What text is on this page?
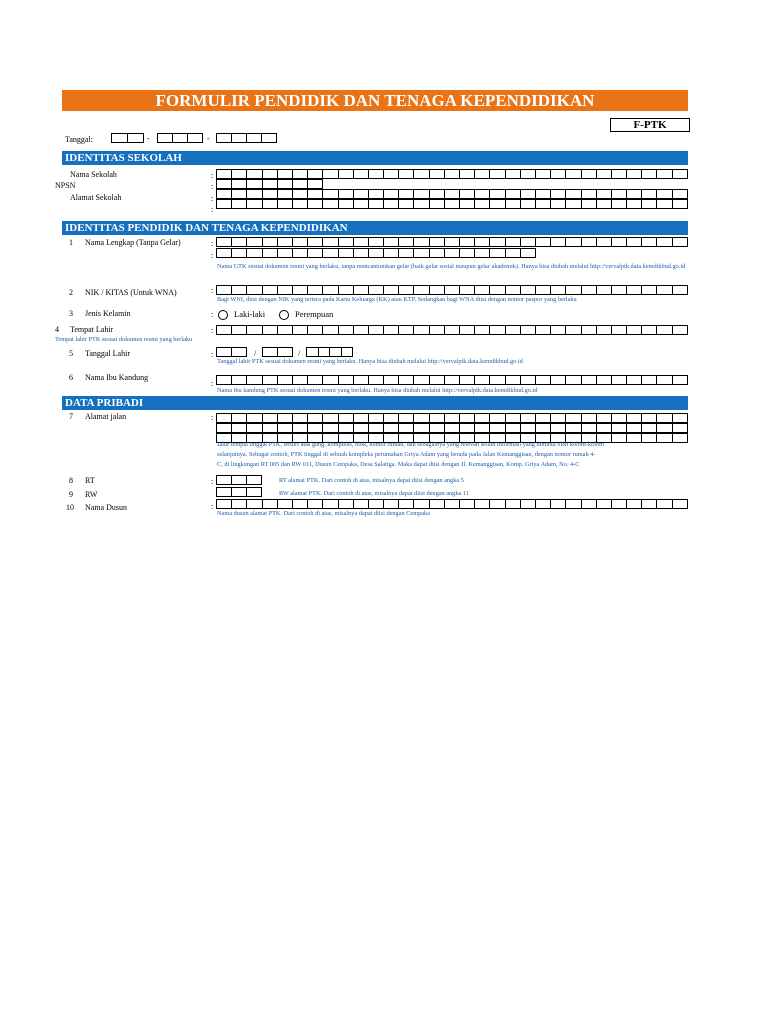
FORMULIR PENDIDIK DAN TENAGA KEPENDIDIKAN
F-PTK
Tanggal:	-	-
IDENTITAS SEKOLAH
Nama Sekolah	:
NPSN	:
Alamat Sekolah	:
:
IDENTITAS PENDIDIK DAN TENAGA KEPENDIDIKAN
1 Nama Lengkap (Tanpa Gelar)	:
:
Nama GTK sesuai dokumen resmi yang berlaku, tanpa mencantumkan gelar (baik gelar sosial maupun gelar akademik). Hanya bisa diubah melalui http://vervalptk.data.kemdikbud.go.id
2 NIK / KITAS (Untuk WNA)	:
Bagi WNI, diisi dengan NIK yang tertera pada Kartu Keluarga (KK) atau KTP. Sedangkan bagi WNA diisi dengan nomor paspor yang berlaku
3 Jenis Kelamin	:	Laki-laki	Perempuan
4 Tempat Lahir	:
Tempat lahir PTK sesuai dokumen resmi yang berlaku
5 Tanggal Lahir	:	/	/
Tanggal lahir PTK sesuai dokumen resmi yang berlaku. Hanya bisa diubah melalui http://vervalptk.data.kemdikbud.go.id
6 Nama Ibu Kandung
:
Nama ibu kandung PTK sesuai dokumen resmi yang berlaku. Hanya bisa diubah melalui http://vervalptk.data.kemdikbud.go.id
DATA PRIBADI
7 Alamat jalan	:
Jalur tempat tinggal PTK, terdiri atas gang, kompleks, blok, nomor rumah, dan sebagainya yang relevan selain informasi yang diminta oleh kolom-kolom
selanjutnya. Sebagai contoh, PTK tinggal di sebuah kompleks perumahan Griya Adam yang berada pada Jalan Kemanggisan, dengan nomor rumah 4-
C, di lingkungan RT 005 dan RW 011, Dusun Cempaka, Desa Salatiga. Maka dapat diisi dengan Jl. Kemanggisan, Komp. Griya Adam, No. 4-C
8 RT	:	RT alamat PTK. Dari contoh di atas, misalnya dapat diisi dengan angka 5
9 RW	RW alamat PTK. Dari contoh di atas, misalnya dapat diisi dengan angka 11
10 Nama Dusun	:
Nama dusun alamat PTK. Dari contoh di atas, misalnya dapat diisi dengan Cempaka
